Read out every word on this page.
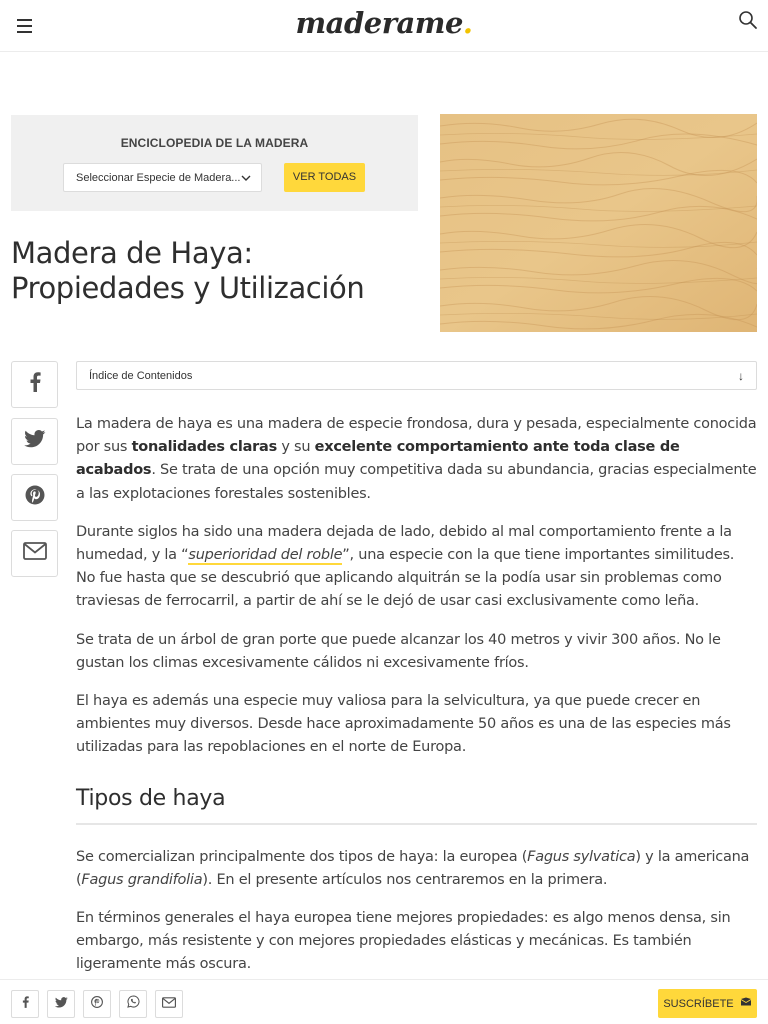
maderame.
ENCICLOPEDIA DE LA MADERA
Seleccionar Especie de Madera...	VER TODAS
Madera de Haya: Propiedades y Utilización
Índice de Contenidos	↓

La madera de haya es una madera de especie frondosa, dura y pesada, especialmente conocida por sus tonalidades claras y su excelente comportamiento ante toda clase de acabados. Se trata de una opción muy competitiva dada su abundancia, gracias especialmente a las explotaciones forestales sostenibles.

Durante siglos ha sido una madera dejada de lado, debido al mal comportamiento frente a la humedad, y la “superioridad del roble”, una especie con la que tiene importantes similitudes. No fue hasta que se descubrió que aplicando alquitrán se la podía usar sin problemas como traviesas de ferrocarril, a partir de ahí se le dejó de usar casi exclusivamente como leña.

Se trata de un árbol de gran porte que puede alcanzar los 40 metros y vivir 300 años. No le gustan los climas excesivamente cálidos ni excesivamente fríos.

El haya es además una especie muy valiosa para la selvicultura, ya que puede crecer en ambientes muy diversos. Desde hace aproximadamente 50 años es una de las especies más utilizadas para las repoblaciones en el norte de Europa.

Tipos de haya

Se comercializan principalmente dos tipos de haya: la europea (Fagus sylvatica) y la americana (Fagus grandifolia). En el presente artículos nos centraremos en la primera.

En términos generales el haya europea tiene mejores propiedades: es algo menos densa, sin embargo, más resistente y con mejores propiedades elásticas y mecánicas. Es también ligeramente más oscura.

SUSCRÍBETE
